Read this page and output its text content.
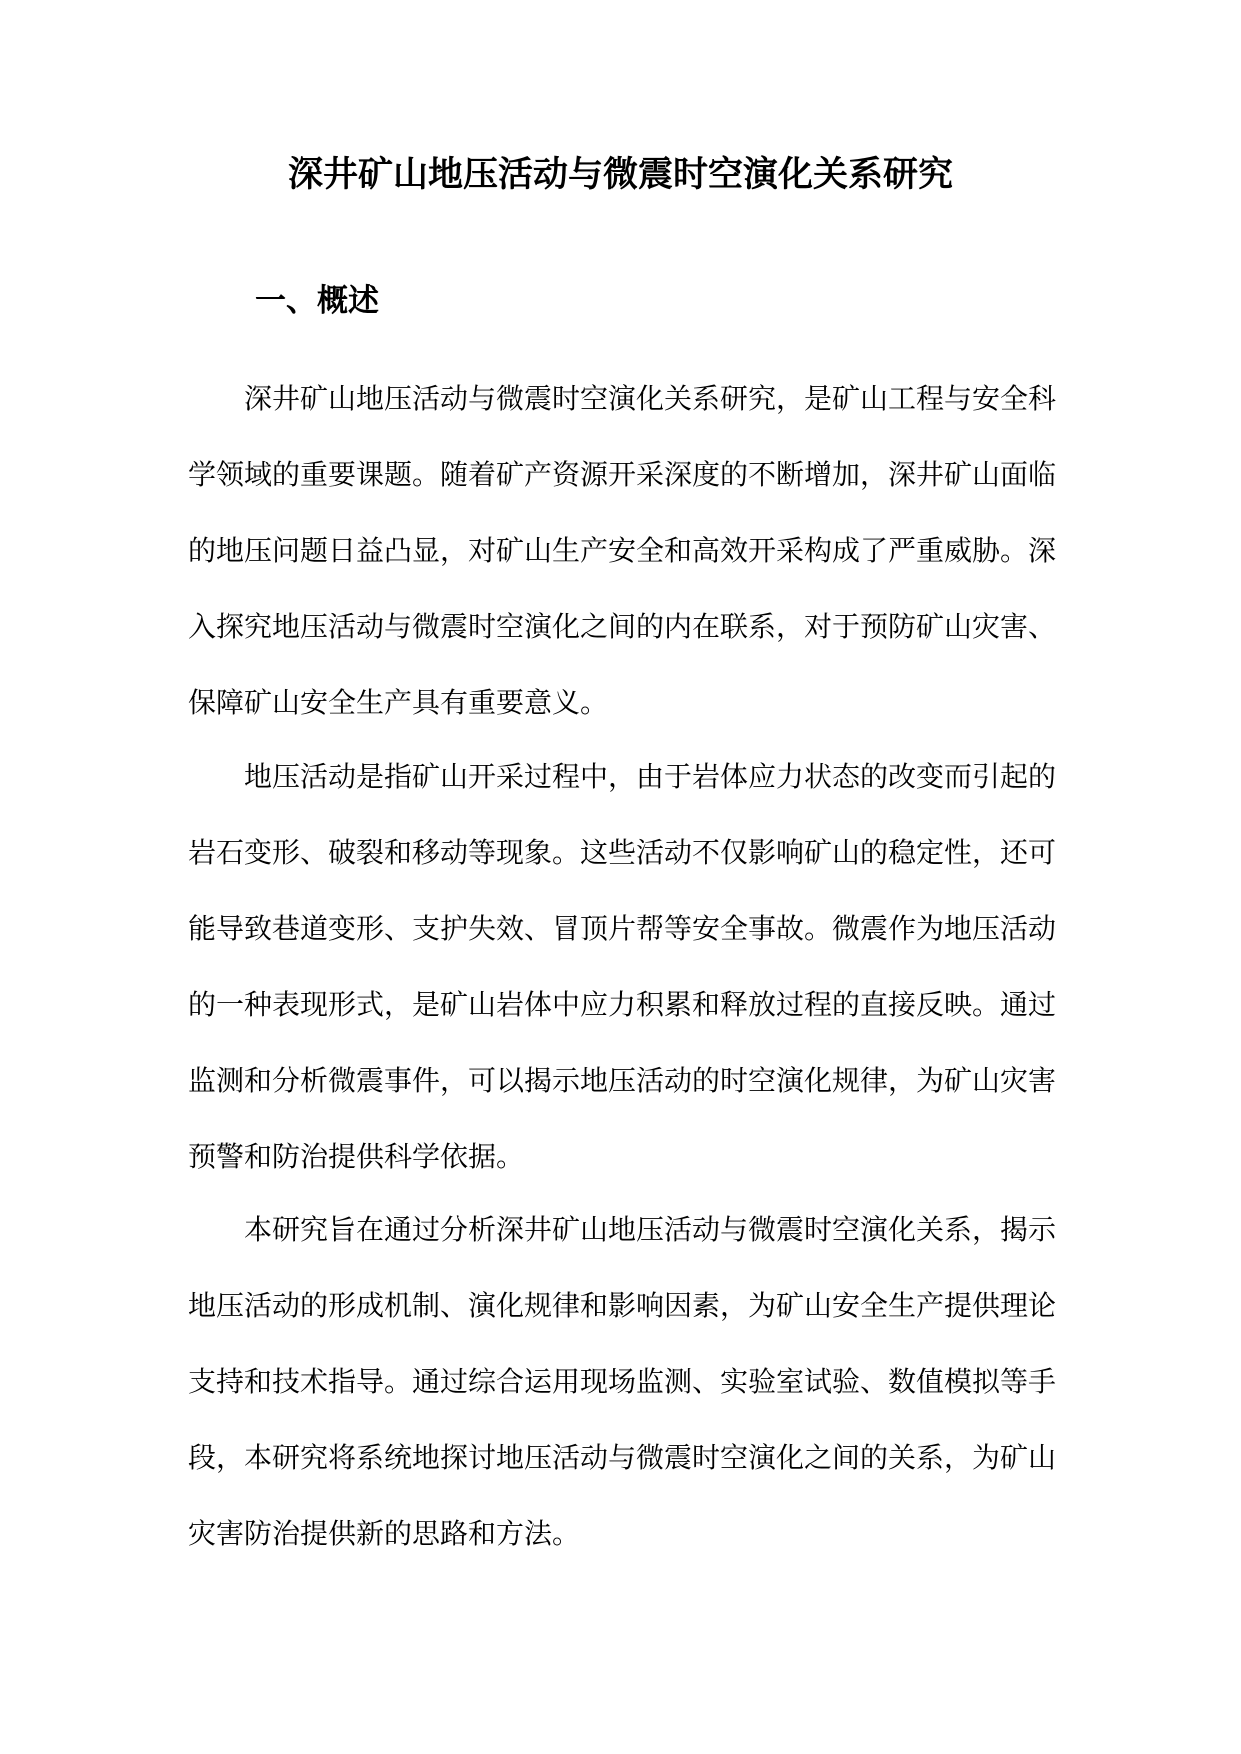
深井矿山地压活动与微震时空演化关系研究
一、概述

深井矿山地压活动与微震时空演化关系研究，是矿山工程与安全科学领域的重要课题。随着矿产资源开采深度的不断增加，深井矿山面临的地压问题日益凸显，对矿山生产安全和高效开采构成了严重威胁。深入探究地压活动与微震时空演化之间的内在联系，对于预防矿山灾害、保障矿山安全生产具有重要意义。

地压活动是指矿山开采过程中，由于岩体应力状态的改变而引起的岩石变形、破裂和移动等现象。这些活动不仅影响矿山的稳定性，还可能导致巷道变形、支护失效、冒顶片帮等安全事故。微震作为地压活动的一种表现形式，是矿山岩体中应力积累和释放过程的直接反映。通过监测和分析微震事件，可以揭示地压活动的时空演化规律，为矿山灾害预警和防治提供科学依据。

本研究旨在通过分析深井矿山地压活动与微震时空演化关系，揭示地压活动的形成机制、演化规律和影响因素，为矿山安全生产提供理论支持和技术指导。通过综合运用现场监测、实验室试验、数值模拟等手段，本研究将系统地探讨地压活动与微震时空演化之间的关系，为矿山灾害防治提供新的思路和方法。
